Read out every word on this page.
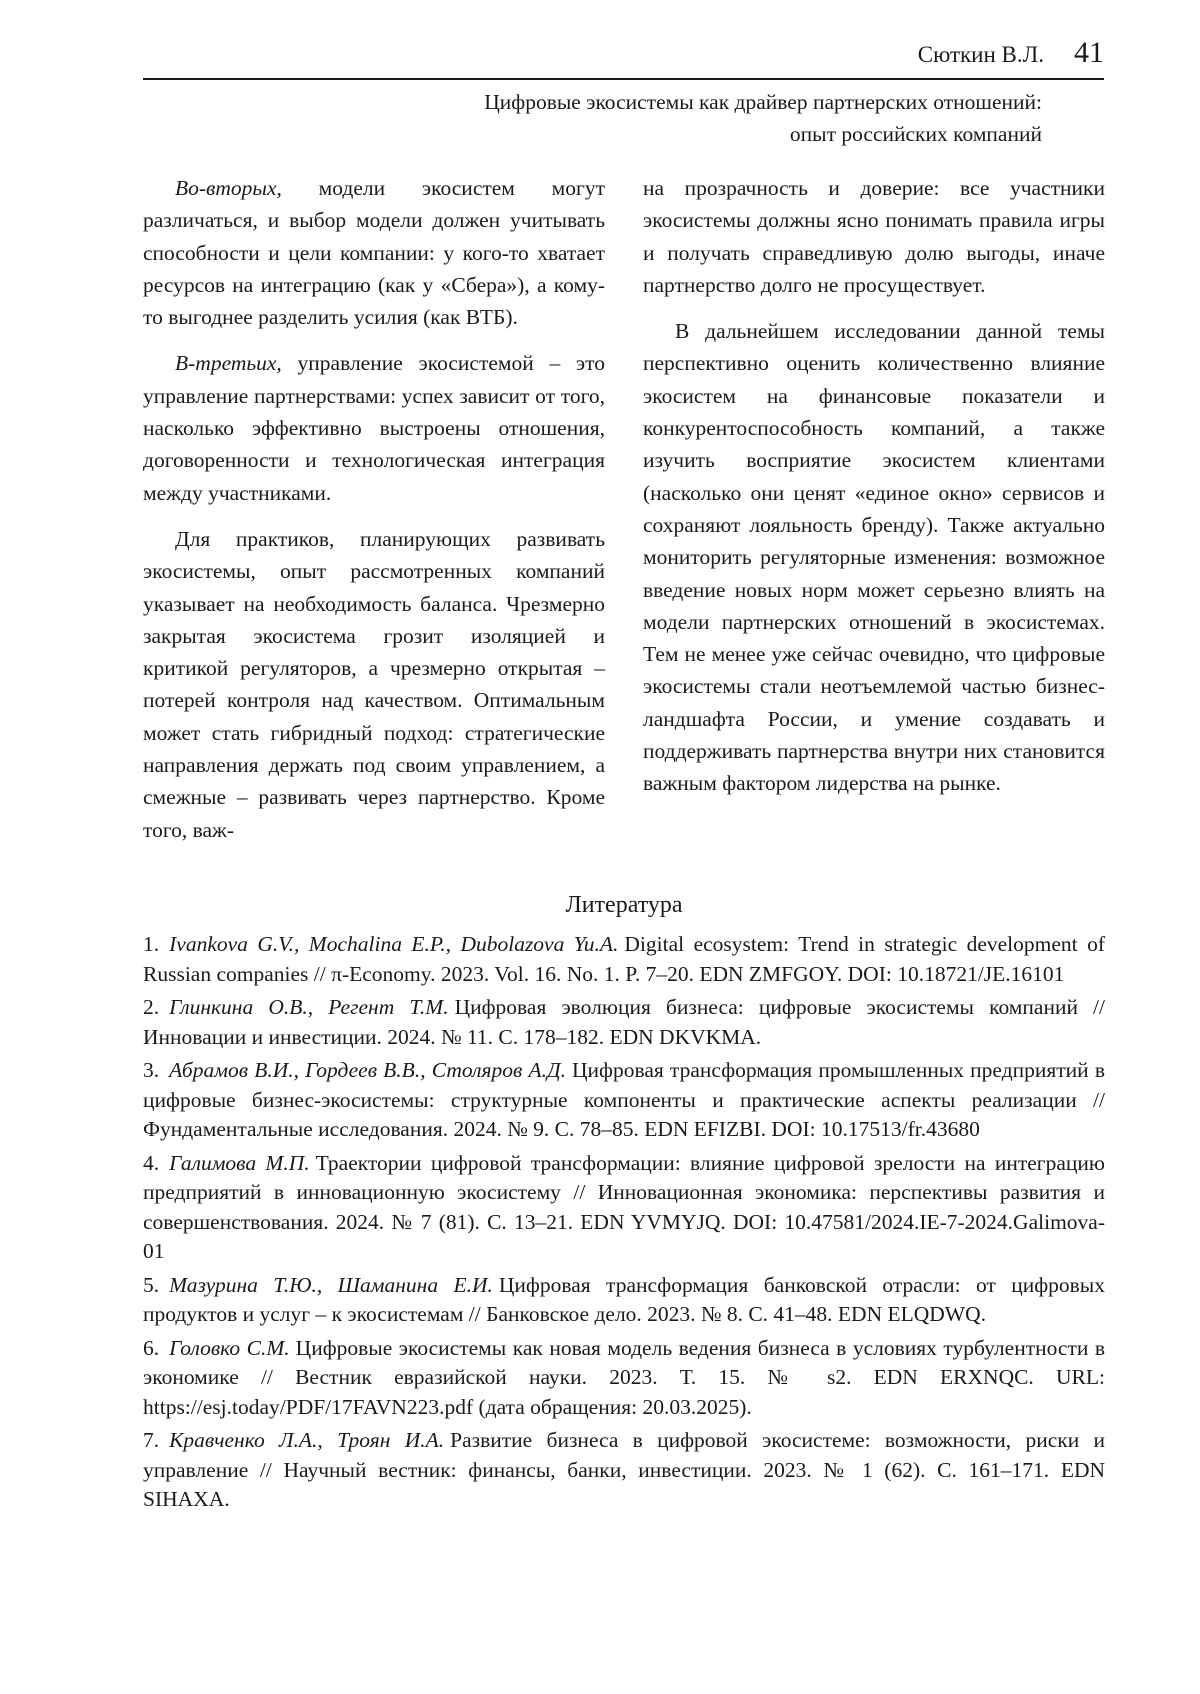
Сюткин В.Л. 41
Цифровые экосистемы как драйвер партнерских отношений:
опыт российских компаний

Во-вторых, модели экосистем могут различаться, и выбор модели должен учитывать способности и цели компании: у кого-то хватает ресурсов на интеграцию (как у «Сбера»), а кому-то выгоднее разделить усилия (как ВТБ).

В-третьих, управление экосистемой – это управление партнерствами: успех зависит от того, насколько эффективно выстроены отношения, договоренности и технологическая интеграция между участниками.

Для практиков, планирующих развивать экосистемы, опыт рассмотренных компаний указывает на необходимость баланса. Чрезмерно закрытая экосистема грозит изоляцией и критикой регуляторов, а чрезмерно открытая – потерей контроля над качеством. Оптимальным может стать гибридный подход: стратегические направления держать под своим управлением, а смежные – развивать через партнерство. Кроме того, важ-

на прозрачность и доверие: все участники экосистемы должны ясно понимать правила игры и получать справедливую долю выгоды, иначе партнерство долго не просуществует.

В дальнейшем исследовании данной темы перспективно оценить количественно влияние экосистем на финансовые показатели и конкурентоспособность компаний, а также изучить восприятие экосистем клиентами (насколько они ценят «единое окно» сервисов и сохраняют лояльность бренду). Также актуально мониторить регуляторные изменения: возможное введение новых норм может серьезно влиять на модели партнерских отношений в экосистемах. Тем не менее уже сейчас очевидно, что цифровые экосистемы стали неотъемлемой частью бизнес-ландшафта России, и умение создавать и поддерживать партнерства внутри них становится важным фактором лидерства на рынке.

Литература

1. Ivankova G.V., Mochalina E.P., Dubolazova Yu.A. Digital ecosystem: Trend in strategic development of Russian companies // π-Economy. 2023. Vol. 16. No. 1. P. 7–20. EDN ZMFGOY. DOI: 10.18721/JE.16101

2. Глинкина О.В., Регент Т.М. Цифровая эволюция бизнеса: цифровые экосистемы компаний // Инновации и инвестиции. 2024. № 11. С. 178–182. EDN DKVKMA.

3. Абрамов В.И., Гордеев В.В., Столяров А.Д. Цифровая трансформация промышленных предприятий в цифровые бизнес-экосистемы: структурные компоненты и практические аспекты реализации // Фундаментальные исследования. 2024. № 9. С. 78–85. EDN EFIZBI. DOI: 10.17513/fr.43680

4. Галимова М.П. Траектории цифровой трансформации: влияние цифровой зрелости на интеграцию предприятий в инновационную экосистему // Инновационная экономика: перспективы развития и совершенствования. 2024. № 7 (81). С. 13–21. EDN YVMYJQ. DOI: 10.47581/2024.IE-7-2024.Galimova-01

5. Мазурина Т.Ю., Шаманина Е.И. Цифровая трансформация банковской отрасли: от цифровых продуктов и услуг – к экосистемам // Банковское дело. 2023. № 8. С. 41–48. EDN ELQDWQ.

6. Головко С.М. Цифровые экосистемы как новая модель ведения бизнеса в условиях турбулентности в экономике // Вестник евразийской науки. 2023. Т. 15. № s2. EDN ERXNQC. URL: https://esj.today/PDF/17FAVN223.pdf (дата обращения: 20.03.2025).

7. Кравченко Л.А., Троян И.А. Развитие бизнеса в цифровой экосистеме: возможности, риски и управление // Научный вестник: финансы, банки, инвестиции. 2023. № 1 (62). С. 161–171. EDN SIHAXA.
